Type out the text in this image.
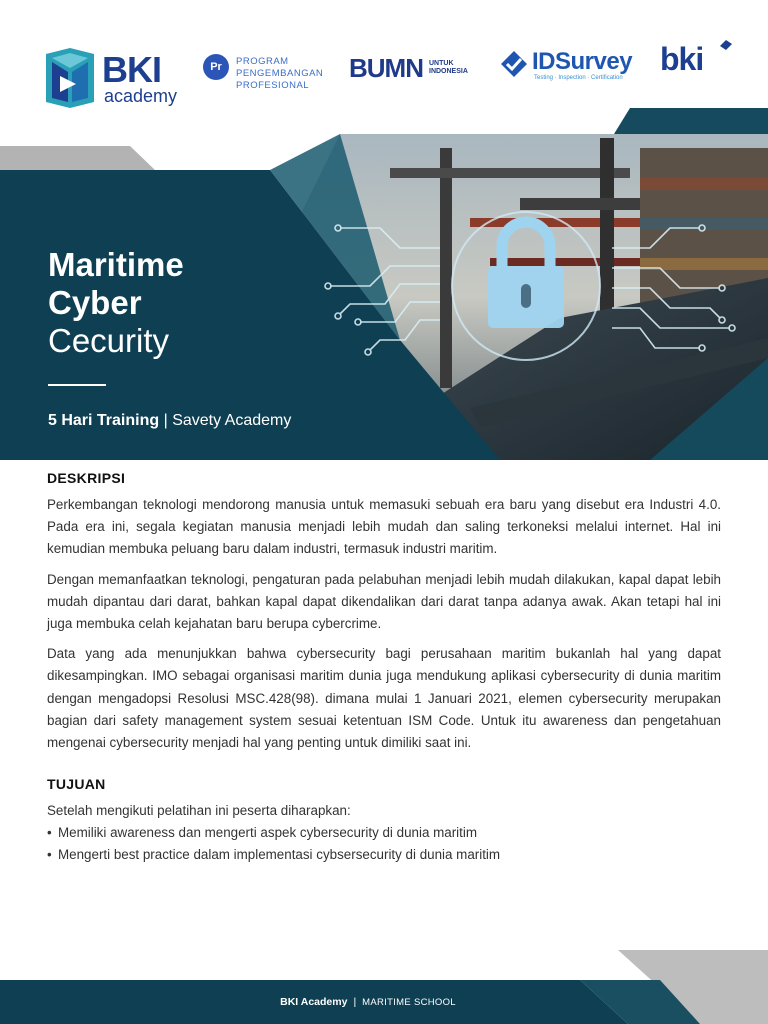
BKI
academy
Pr	PROGRAM
PENGEMBANGAN
PROFESIONAL
BUMN UNTUK
INDONESIA	IDSurvey
Testing · Inspection · Certification
bki
Maritime
Cyber
Cecurity
5 Hari Training | Savety Academy
DESKRIPSI

Perkembangan teknologi mendorong manusia untuk memasuki sebuah era baru yang disebut era Industri 4.0. Pada era ini, segala kegiatan manusia menjadi lebih mudah dan saling terkoneksi melalui internet. Hal ini kemudian membuka peluang baru dalam industri, termasuk industri maritim.

Dengan memanfaatkan teknologi, pengaturan pada pelabuhan menjadi lebih mudah dilakukan, kapal dapat lebih mudah dipantau dari darat, bahkan kapal dapat dikendalikan dari darat tanpa adanya awak. Akan tetapi hal ini juga membuka celah kejahatan baru berupa cybercrime.

Data yang ada menunjukkan bahwa cybersecurity bagi perusahaan maritim bukanlah hal yang dapat dikesampingkan. IMO sebagai organisasi maritim dunia juga mendukung aplikasi cybersecurity di dunia maritim dengan mengadopsi Resolusi MSC.428(98). dimana mulai 1 Januari 2021, elemen cybersecurity merupakan bagian dari safety management system sesuai ketentuan ISM Code. Untuk itu awareness dan pengetahuan mengenai cybersecurity menjadi hal yang penting untuk dimiliki saat ini.

TUJUAN
Setelah mengikuti pelatihan ini peserta diharapkan:
• Memiliki awareness dan mengerti aspek cybersecurity di dunia maritim
• Mengerti best practice dalam implementasi cybsersecurity di dunia maritim
BKI Academy | MARITIME SCHOOL
